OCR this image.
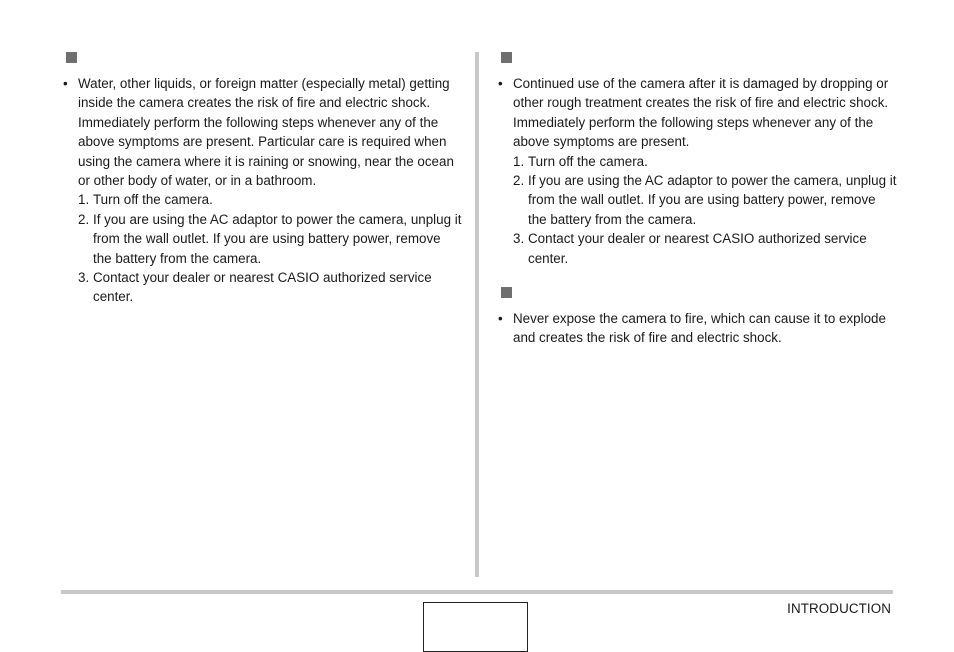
• Water, other liquids, or foreign matter (especially metal) getting inside the camera creates the risk of fire and electric shock. Immediately perform the following steps whenever any of the above symptoms are present. Particular care is required when using the camera where it is raining or snowing, near the ocean or other body of water, or in a bathroom.
1. Turn off the camera.
2. If you are using the AC adaptor to power the camera, unplug it from the wall outlet. If you are using battery power, remove the battery from the camera.
3. Contact your dealer or nearest CASIO authorized service center.
• Continued use of the camera after it is damaged by dropping or other rough treatment creates the risk of fire and electric shock. Immediately perform the following steps whenever any of the above symptoms are present.
1. Turn off the camera.
2. If you are using the AC adaptor to power the camera, unplug it from the wall outlet. If you are using battery power, remove the battery from the camera.
3. Contact your dealer or nearest CASIO authorized service center.
• Never expose the camera to fire, which can cause it to explode and creates the risk of fire and electric shock.
INTRODUCTION
